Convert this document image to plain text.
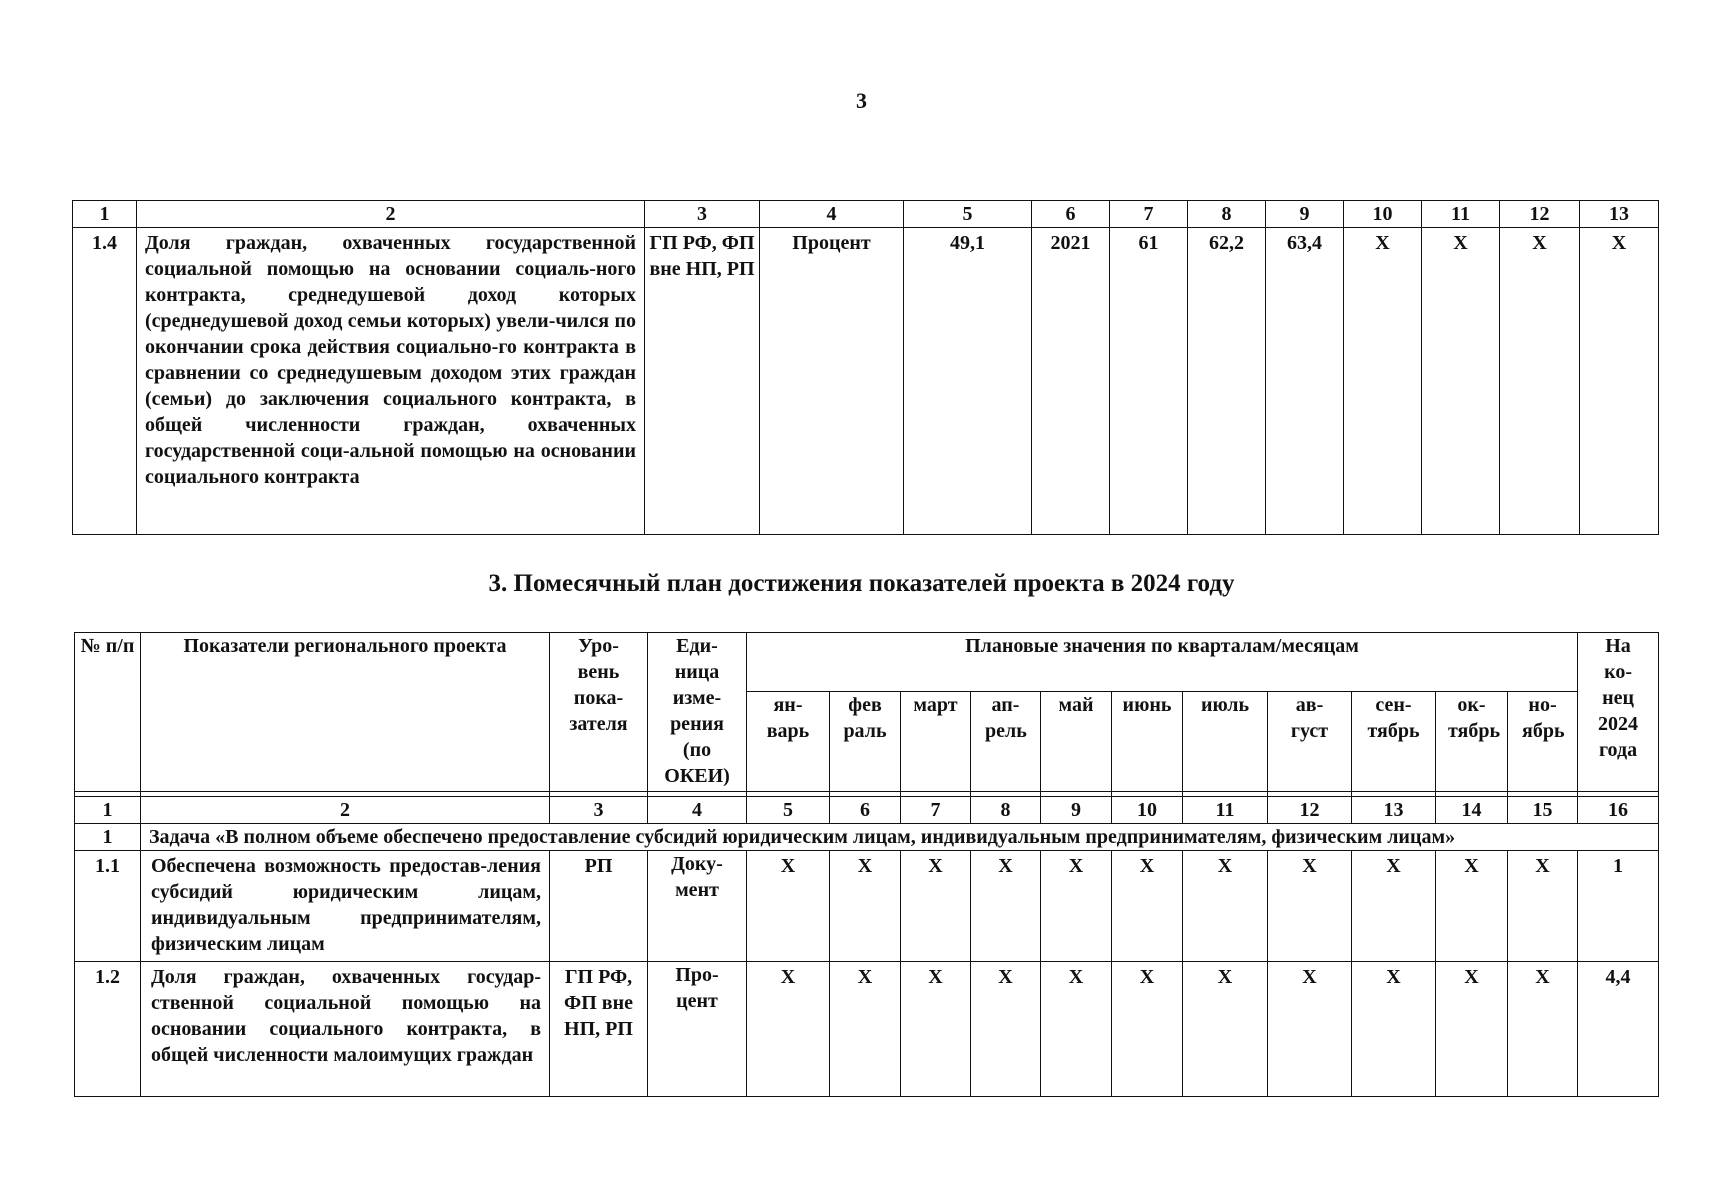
3
1	2	3	4	5	6	7	8	9	10	11	12	13
1.4	Доля граждан, охваченных государственной социальной помощью на основании социаль-ного контракта, среднедушевой доход которых (среднедушевой доход семьи которых) увели-чился по окончании срока действия социально-го контракта в сравнении со среднедушевым доходом этих граждан (семьи) до заключения социального контракта, в общей численности граждан, охваченных государственной соци-альной помощью на основании социального контракта	ГП РФ, ФП вне НП, РП	Процент	49,1	2021	61	62,2	63,4	X	X	X	X
3. Помесячный план достижения показателей проекта в 2024 году
№ п/п	Показатели регионального проекта	Уро-вень пока-зателя	Еди-ница изме-рения (по ОКЕИ)	Плановые значения по кварталам/месяцам											На ко-нец 2024 года
				ян-варь	фев раль	март	ап-рель	май	июнь	июль	ав-густ	сен-тябрь	ок-тябрь	но-ябрь	

1	2	3	4	5	6	7	8	9	10	11	12	13	14	15	16
1	Задача «В полном объеме обеспечено предоставление субсидий юридическим лицам, индивидуальным предпринимателям, физическим лицам»														
1.1	Обеспечена возможность предостав-ления субсидий юридическим лицам, индивидуальным предпринимателям, физическим лицам	РП	Доку-мент	X	X	X	X	X	X	X	X	X	X	X	1
1.2	Доля граждан, охваченных государ-ственной социальной помощью на основании социального контракта, в общей численности малоимущих граждан	ГП РФ, ФП вне НП, РП	Про-цент	X	X	X	X	X	X	X	X	X	X	X	4,4
